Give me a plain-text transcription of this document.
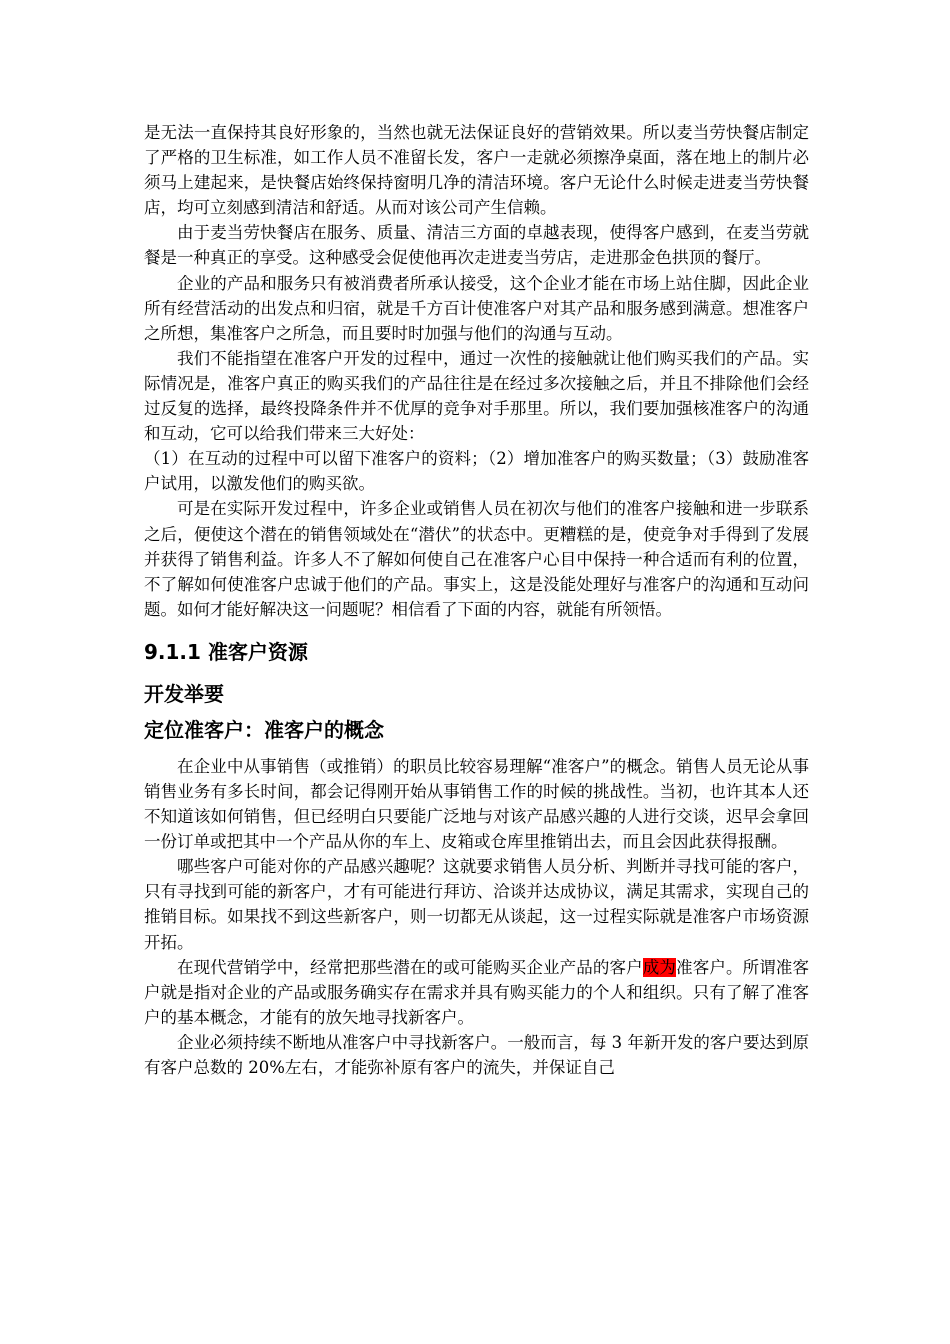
是无法一直保持其良好形象的，当然也就无法保证良好的营销效果。所以麦当劳快餐店制定了严格的卫生标准，如工作人员不准留长发，客户一走就必须擦净桌面，落在地上的制片必须马上建起来，是快餐店始终保持窗明几净的清洁环境。客户无论什么时候走进麦当劳快餐店，均可立刻感到清洁和舒适。从而对该公司产生信赖。

由于麦当劳快餐店在服务、质量、清洁三方面的卓越表现，使得客户感到，在麦当劳就餐是一种真正的享受。这种感受会促使他再次走进麦当劳店，走进那金色拱顶的餐厅。

企业的产品和服务只有被消费者所承认接受，这个企业才能在市场上站住脚，因此企业所有经营活动的出发点和归宿，就是千方百计使准客户对其产品和服务感到满意。想准客户之所想，集准客户之所急，而且要时时加强与他们的沟通与互动。

我们不能指望在准客户开发的过程中，通过一次性的接触就让他们购买我们的产品。实际情况是，准客户真正的购买我们的产品往往是在经过多次接触之后，并且不排除他们会经过反复的选择，最终投降条件并不优厚的竞争对手那里。所以，我们要加强核准客户的沟通和互动，它可以给我们带来三大好处：

（1）在互动的过程中可以留下准客户的资料；（2）增加准客户的购买数量；（3）鼓励准客户试用，以激发他们的购买欲。

可是在实际开发过程中，许多企业或销售人员在初次与他们的准客户接触和进一步联系之后，便使这个潜在的销售领域处在“潜伏”的状态中。更糟糕的是，使竞争对手得到了发展并获得了销售利益。许多人不了解如何使自己在准客户心目中保持一种合适而有利的位置，不了解如何使准客户忠诚于他们的产品。事实上，这是没能处理好与准客户的沟通和互动问题。如何才能好解决这一问题呢？相信看了下面的内容，就能有所领悟。

9.1.1 准客户资源
开发举要
定位准客户：准客户的概念

在企业中从事销售（或推销）的职员比较容易理解“准客户”的概念。销售人员无论从事销售业务有多长时间，都会记得刚开始从事销售工作的时候的挑战性。当初，也许其本人还不知道该如何销售，但已经明白只要能广泛地与对该产品感兴趣的人进行交谈，迟早会拿回一份订单或把其中一个产品从你的车上、皮箱或仓库里推销出去，而且会因此获得报酬。

哪些客户可能对你的产品感兴趣呢？这就要求销售人员分析、判断并寻找可能的客户，只有寻找到可能的新客户，才有可能进行拜访、洽谈并达成协议，满足其需求，实现自己的推销目标。如果找不到这些新客户，则一切都无从谈起，这一过程实际就是准客户市场资源开拓。

在现代营销学中，经常把那些潜在的或可能购买企业产品的客户成为准客户。所谓准客户就是指对企业的产品或服务确实存在需求并具有购买能力的个人和组织。只有了解了准客户的基本概念，才能有的放矢地寻找新客户。

企业必须持续不断地从准客户中寻找新客户。一般而言，每 3 年新开发的客户要达到原有客户总数的 20%左右，才能弥补原有客户的流失，并保证自己
